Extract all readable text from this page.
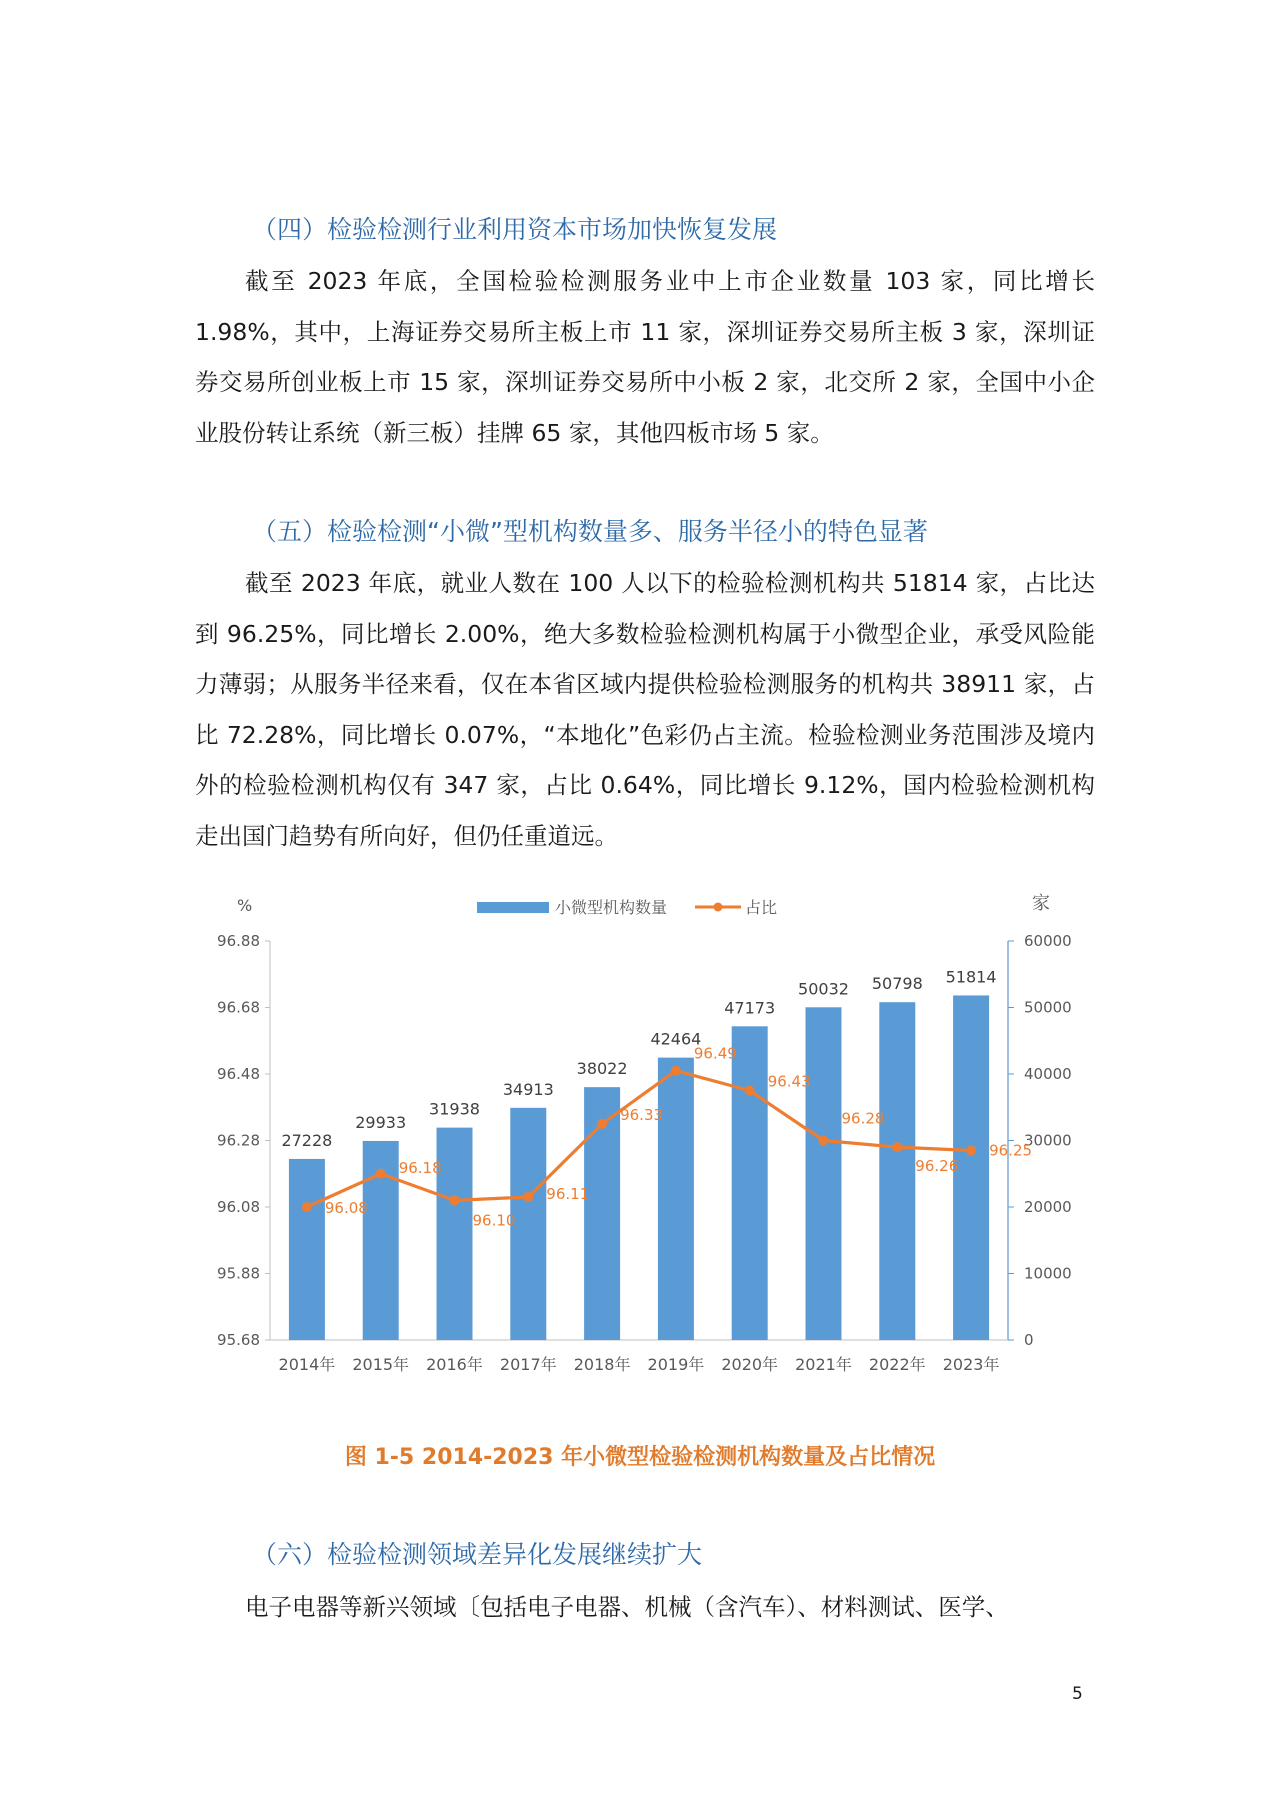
（四）检验检测行业利用资本市场加快恢复发展
截至 2023 年底，全国检验检测服务业中上市企业数量 103 家，同比增长 1.98%，其中，上海证券交易所主板上市 11 家，深圳证券交易所主板 3 家，深圳证券交易所创业板上市 15 家，深圳证券交易所中小板 2 家，北交所 2 家，全国中小企业股份转让系统（新三板）挂牌 65 家，其他四板市场 5 家。
（五）检验检测“小微”型机构数量多、服务半径小的特色显著
截至 2023 年底，就业人数在 100 人以下的检验检测机构共 51814 家，占比达到 96.25%，同比增长 2.00%，绝大多数检验检测机构属于小微型企业，承受风险能力薄弱；从服务半径来看，仅在本省区域内提供检验检测服务的机构共 38911 家，占比 72.28%，同比增长 0.07%，“本地化”色彩仍占主流。检验检测业务范围涉及境内外的检验检测机构仅有 347 家，占比 0.64%，同比增长 9.12%，国内检验检测机构走出国门趋势有所向好，但仍任重道远。
96.88
96.68
96.48
96.28
96.08
95.88
95.68
60000
50000
40000
30000
20000
10000
0
%	家
小微型机构数量	占比
27228
29933
31938
34913
38022
42464
47173
50032 50798 51814
2014年 2015年 2016年 2017年 2018年 2019年 2020年 2021年 2022年 2023年
96.08
96.18
96.10
96.11
96.33
96.49
96.43
96.28
96.26
96.25
图 1-5 2014-2023 年小微型检验检测机构数量及占比情况
（六）检验检测领域差异化发展继续扩大
电子电器等新兴领域〔包括电子电器、机械（含汽车）、材料测试、医学、
5
